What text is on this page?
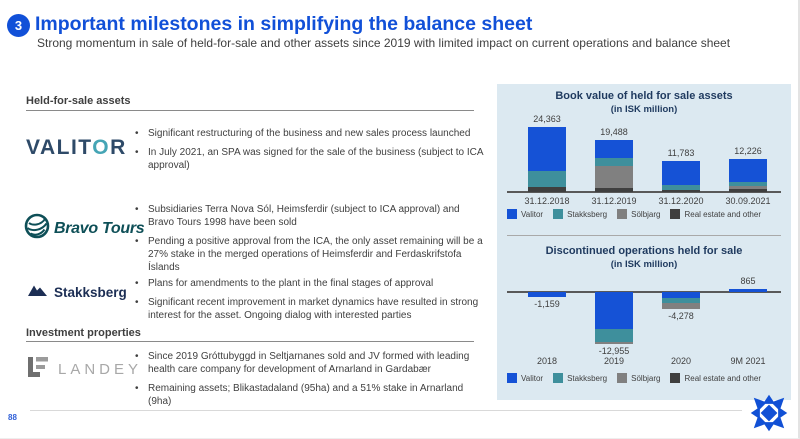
3 Important milestones in simplifying the balance sheet

Strong momentum in sale of held-for-sale and other assets since 2019 with limited impact on current operations and balance sheet

Held-for-sale assets
VALITOR
• Significant restructuring of the business and new sales process launched
• In July 2021, an SPA was signed for the sale of the business (subject to ICA approval)
Bravo Tours
• Subsidiaries Terra Nova Sól, Heimsferdir (subject to ICA approval) and Bravo Tours 1998 have been sold
• Pending a positive approval from the ICA, the only asset remaining will be a 27% stake in the merged operations of Heimsferdir and Ferdaskrifstofa Íslands
Stakksberg
• Plans for amendments to the plant in the final stages of approval
• Significant recent improvement in market dynamics have resulted in strong interest for the asset. Ongoing dialog with interested parties
Investment properties
LANDEY
• Since 2019 Gróttubyggd in Seltjarnanes sold and JV formed with leading health care company for development of Arnarland in Gardabær
• Remaining assets; Blikastadaland (95ha) and a 51% stake in Arnarland (9ha)
Book value of held for sale assets
(in ISK million)
24,363
31.12.2018
19,488
31.12.2019
11,783
31.12.2020
12,226
30.09.2021
Valitor	Stakksberg	Sölbjarg	Real estate and other
Discontinued operations held for sale
(in ISK million)
-1,159
2018
-12,955
2019
-4,278
2020
865
9M 2021
Valitor	Stakksberg	Sölbjarg	Real estate and other
88
